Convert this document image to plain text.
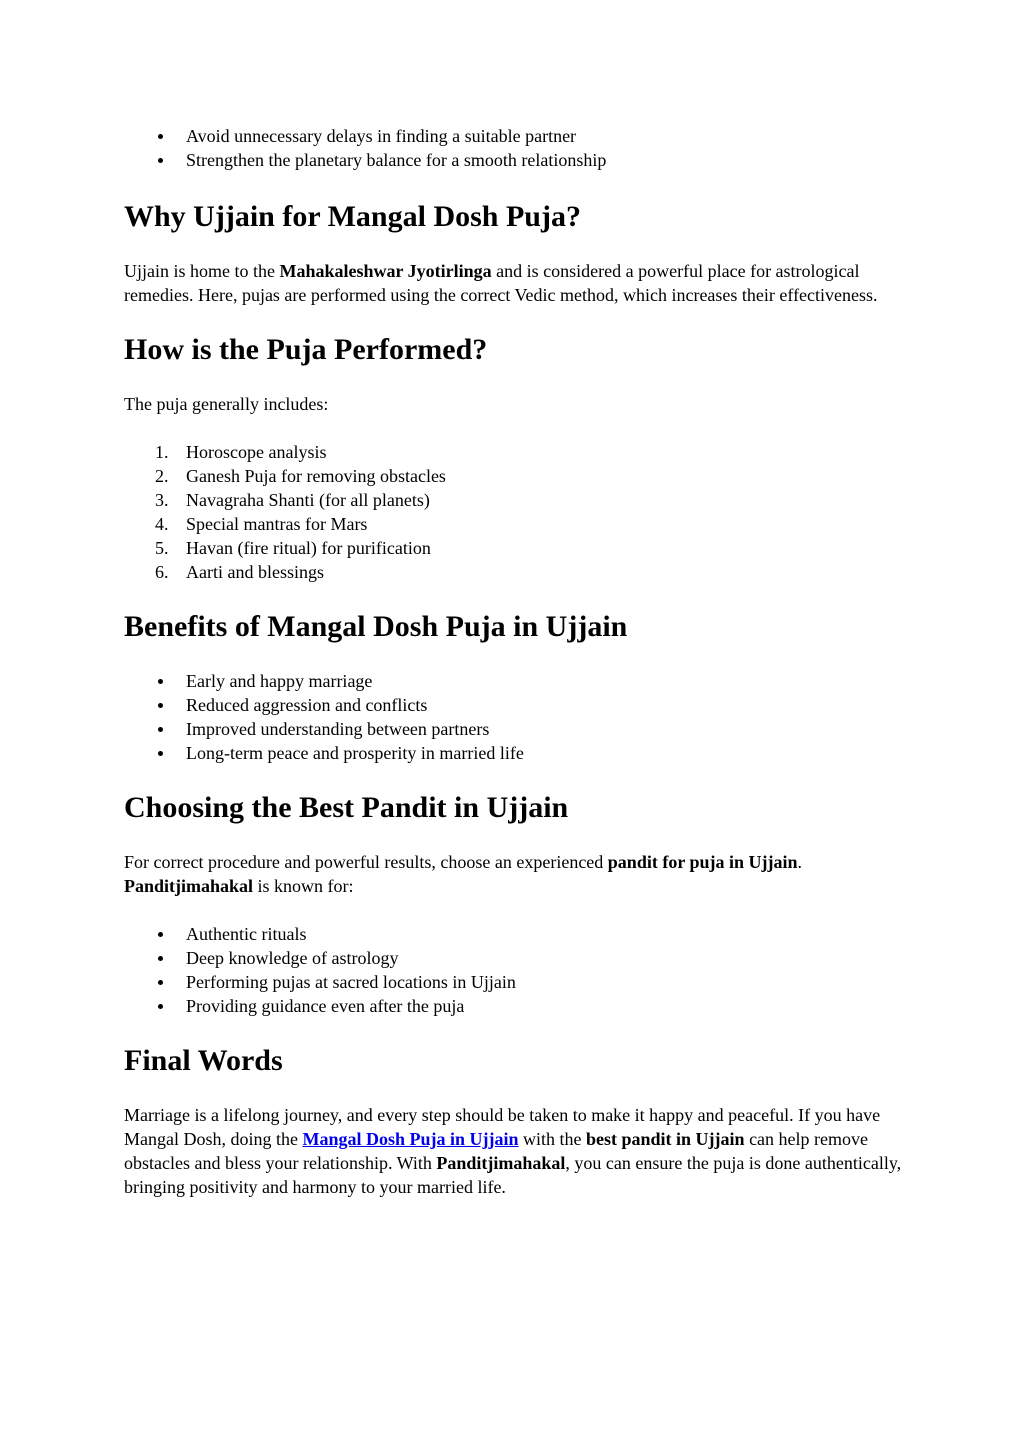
Avoid unnecessary delays in finding a suitable partner
Strengthen the planetary balance for a smooth relationship
Why Ujjain for Mangal Dosh Puja?

Ujjain is home to the Mahakaleshwar Jyotirlinga and is considered a powerful place for astrological remedies. Here, pujas are performed using the correct Vedic method, which increases their effectiveness.

How is the Puja Performed?

The puja generally includes:

1. Horoscope analysis
2. Ganesh Puja for removing obstacles
3. Navagraha Shanti (for all planets)
4. Special mantras for Mars
5. Havan (fire ritual) for purification
6. Aarti and blessings
Benefits of Mangal Dosh Puja in Ujjain
Early and happy marriage
Reduced aggression and conflicts
Improved understanding between partners
Long-term peace and prosperity in married life
Choosing the Best Pandit in Ujjain

For correct procedure and powerful results, choose an experienced pandit for puja in Ujjain. Panditjimahakal is known for:

Authentic rituals
Deep knowledge of astrology
Performing pujas at sacred locations in Ujjain
Providing guidance even after the puja
Final Words

Marriage is a lifelong journey, and every step should be taken to make it happy and peaceful. If you have Mangal Dosh, doing the Mangal Dosh Puja in Ujjain with the best pandit in Ujjain can help remove obstacles and bless your relationship. With Panditjimahakal, you can ensure the puja is done authentically, bringing positivity and harmony to your married life.
